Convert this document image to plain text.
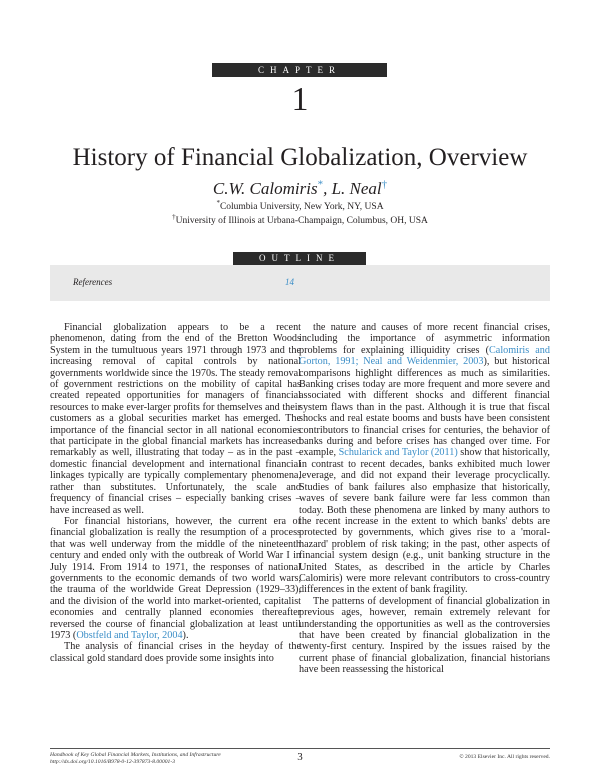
CHAPTER
1
History of Financial Globalization, Overview
C.W. Calomiris*, L. Neal†
*Columbia University, New York, NY, USA
†University of Illinois at Urbana-Champaign, Columbus, OH, USA
OUTLINE
References	14

Financial globalization appears to be a recent phenomenon, dating from the end of the Bretton Woods System in the tumultuous years 1971 through 1973 and the increasing removal of capital controls by national governments worldwide since the 1970s. The steady removal of government restrictions on the mobility of capital has created repeated opportunities for managers of financial resources to make ever-larger profits for themselves and their customers as a global securities market has emerged. The importance of the financial sector in all national economies that participate in the global financial markets has increased remarkably as well, illustrating that today – as in the past – domestic financial development and international financial linkages typically are typically complementary phenomena, rather than substitutes. Unfortunately, the scale and frequency of financial crises – especially banking crises – have increased as well.

For financial historians, however, the current era of financial globalization is really the resumption of a process that was well underway from the middle of the nineteenth century and ended only with the outbreak of World War I in July 1914. From 1914 to 1971, the responses of national governments to the economic demands of two world wars, the trauma of the worldwide Great Depression (1929–33), and the division of the world into market-oriented, capitalist economies and centrally planned economies thereafter reversed the course of financial globalization at least until 1973 (Obstfeld and Taylor, 2004).

The analysis of financial crises in the heyday of the classical gold standard does provide some insights into

the nature and causes of more recent financial crises, including the importance of asymmetric information problems for explaining illiquidity crises (Calomiris and Gorton, 1991; Neal and Weidenmier, 2003), but historical comparisons highlight differences as much as similarities. Banking crises today are more frequent and more severe and associated with different shocks and different financial system flaws than in the past. Although it is true that fiscal shocks and real estate booms and busts have been consistent contributors to financial crises for centuries, the behavior of banks during and before crises has changed over time. For example, Schularick and Taylor (2011) show that historically, in contrast to recent decades, banks exhibited much lower leverage, and did not expand their leverage procyclically. Studies of bank failures also emphasize that historically, waves of severe bank failure were far less common than today. Both these phenomena are linked by many authors to the recent increase in the extent to which banks' debts are protected by governments, which gives rise to a 'moral-hazard' problem of risk taking; in the past, other aspects of financial system design (e.g., unit banking structure in the United States, as described in the article by Charles Calomiris) were more relevant contributors to cross-country differences in the extent of bank fragility.

The patterns of development of financial globalization in previous ages, however, remain extremely relevant for understanding the opportunities as well as the controversies that have been created by financial globalization in the twenty-first century. Inspired by the issues raised by the current phase of financial globalization, financial historians have been reassessing the historical

Handbook of Key Global Financial Markets, Institutions, and Infrastructure
http://dx.doi.org/10.1016/B978-0-12-397873-8.00001-3	3	© 2013 Elsevier Inc. All rights reserved.
